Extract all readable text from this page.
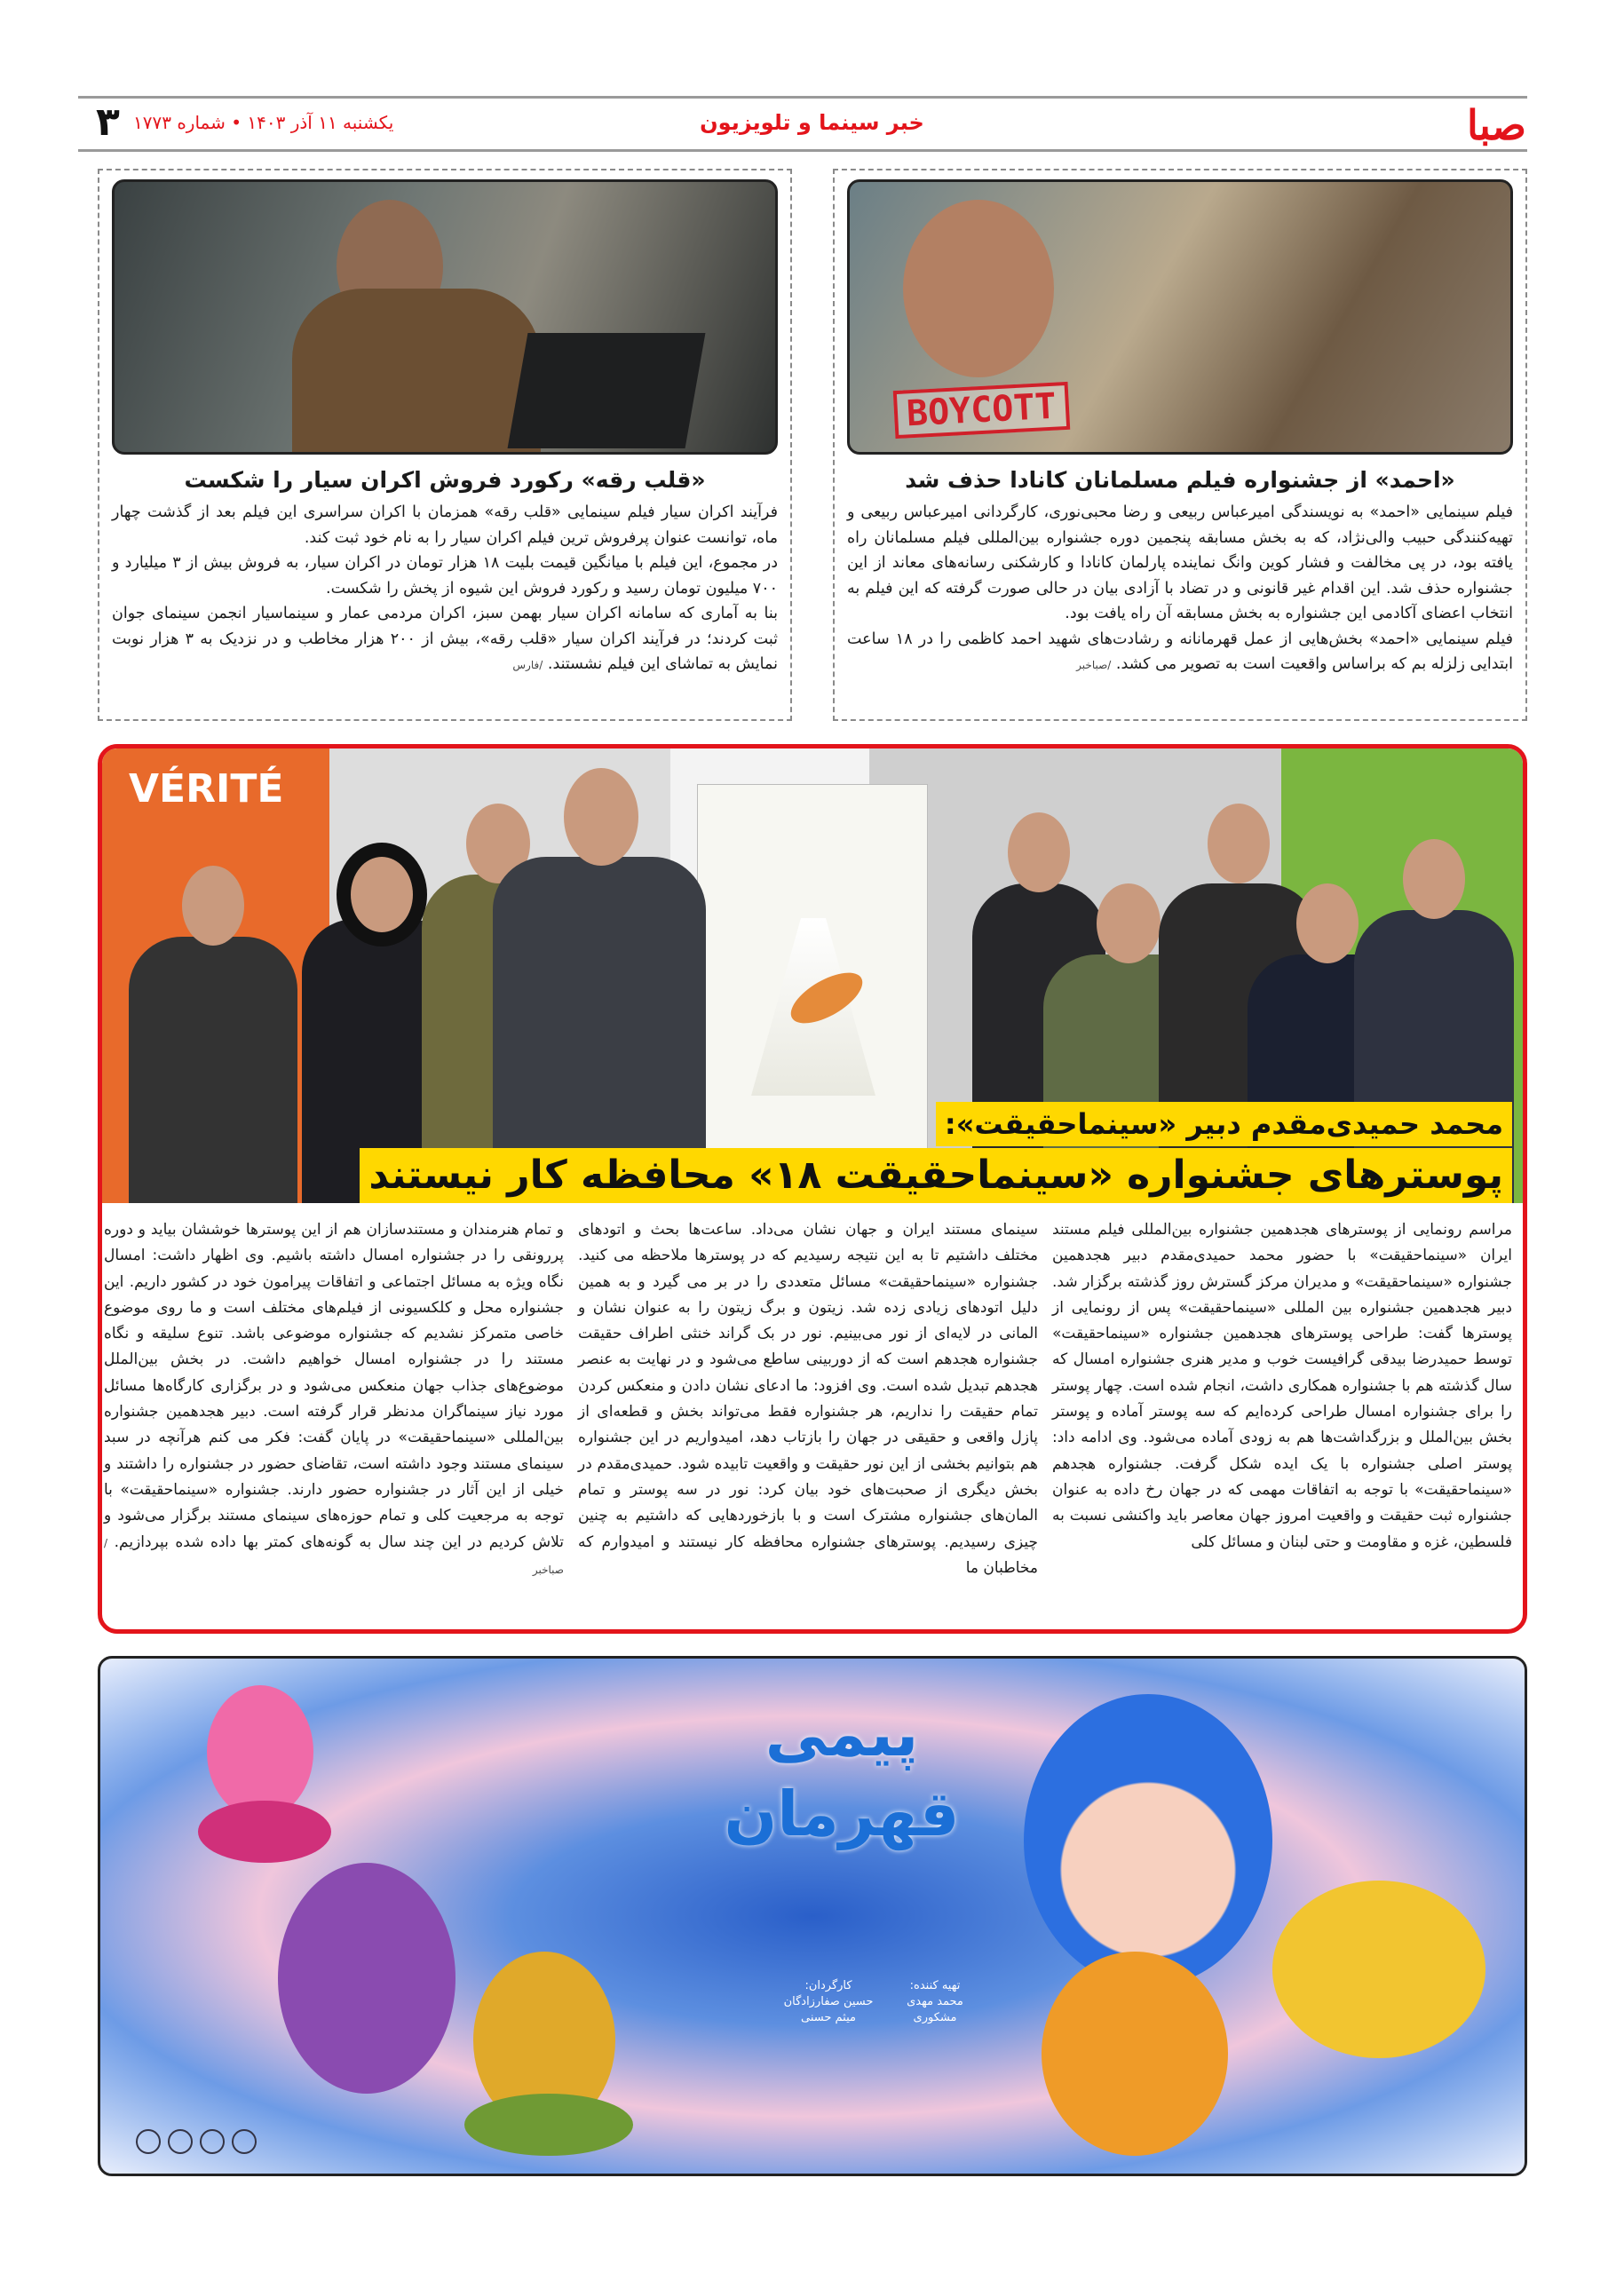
صبا
خبر سینما و تلویزیون
یکشنبه ۱۱ آذر ۱۴۰۳ • شماره ۱۷۷۳
۳
BOYCOTT
«احمد» از جشنواره فیلم مسلمانان کانادا حذف شد

فیلم سینمایی «احمد» به نویسندگی امیرعباس ربیعی و رضا محبی‌نوری، کارگردانی امیرعباس ربیعی و تهیه‌کنندگی حبیب والی‌نژاد، که به بخش مسابقه پنجمین دوره جشنواره بین‌المللی فیلم مسلمانان راه یافته بود، در پی مخالفت و فشار کوین وانگ نماینده پارلمان کانادا و کارشکنی رسانه‌های معاند از این جشنواره حذف شد. این اقدام غیر قانونی و در تضاد با آزادی بیان در حالی صورت گرفته که این فیلم به انتخاب اعضای آکادمی این جشنواره به بخش مسابقه آن راه یافت بود.

فیلم سینمایی «احمد» بخش‌هایی از عمل قهرمانانه و رشادت‌های شهید احمد کاظمی را در ۱۸ ساعت ابتدایی زلزله بم که براساس واقعیت است به تصویر می کشد. /صباخبر

«قلب رقه» رکورد فروش اکران سیار را شکست

فرآیند اکران سیار فیلم سینمایی «قلب رقه» همزمان با اکران سراسری این فیلم بعد از گذشت چهار ماه، توانست عنوان پرفروش ترین فیلم اکران سیار را به نام خود ثبت کند.

در مجموع، این فیلم با میانگین قیمت بلیت ۱۸ هزار تومان در اکران سیار، به فروش بیش از ۳ میلیارد و ۷۰۰ میلیون تومان رسید و رکورد فروش این شیوه از پخش را شکست.

بنا به آماری که سامانه اکران سیار بهمن سبز، اکران مردمی عمار و سینماسیار انجمن سینمای جوان ثبت کردند؛ در فرآیند اکران سیار «قلب رقه»، بیش از ۲۰۰ هزار مخاطب و در نزدیک به ۳ هزار نوبت نمایش به تماشای این فیلم نشستند. /فارس

VÉRITÉ
محمد حمیدی‌مقدم دبیر «سینماحقیقت»:
پوسترهای جشنواره «سینماحقیقت ۱۸» محافظه کار نیستند
مراسم رونمایی از پوسترهای هجدهمین جشنواره بین‌المللی فیلم مستند ایران «سینماحقیقت» با حضور محمد حمیدی‌مقدم دبیر هجدهمین جشنواره «سینماحقیقت» و مدیران مرکز گسترش روز گذشته برگزار شد. دبیر هجدهمین جشنواره بین المللی «سینماحقیقت» پس از رونمایی از پوسترها گفت: طراحی پوسترهای هجدهمین جشنواره «سینماحقیقت» توسط حمیدرضا بیدقی گرافیست خوب و مدیر هنری جشنواره امسال که سال گذشته هم با جشنواره همکاری داشت، انجام شده است. چهار پوستر را برای جشنواره امسال طراحی کرده‌ایم که سه پوستر آماده و پوستر بخش بین‌الملل و بزرگداشت‌ها هم به زودی آماده می‌شود. وی ادامه داد: پوستر اصلی جشنواره با یک ایده شکل گرفت. جشنواره هجدهم «سینماحقیقت» با توجه به اتفاقات مهمی که در جهان رخ داده به عنوان جشنواره ثبت حقیقت و واقعیت امروز جهان معاصر باید واکنشی نسبت به فلسطین، غزه و مقاومت و حتی لبنان و مسائل کلی
سینمای مستند ایران و جهان نشان می‌داد. ساعت‌ها بحث و اتودهای مختلف داشتیم تا به این نتیجه رسیدیم که در پوسترها ملاحظه می کنید. جشنواره «سینماحقیقت» مسائل متعددی را در بر می گیرد و به همین دلیل اتودهای زیادی زده شد. زیتون و برگ زیتون را به عنوان نشان و المانی در لایه‌ای از نور می‌بینیم. نور در بک گراند خنثی اطراف حقیقت جشنواره هجدهم است که از دوربینی ساطع می‌شود و در نهایت به عنصر هجدهم تبدیل شده است. وی افزود: ما ادعای نشان دادن و منعکس کردن تمام حقیقت را نداریم، هر جشنواره فقط می‌تواند بخش و قطعه‌ای از پازل واقعی و حقیقی در جهان را بازتاب دهد، امیدواریم در این جشنواره هم بتوانیم بخشی از این نور حقیقت و واقعیت تابیده شود. حمیدی‌مقدم در بخش دیگری از صحبت‌های خود بیان کرد: نور در سه پوستر و تمام المان‌های جشنواره مشترک است و با بازخوردهایی که داشتیم به چنین چیزی رسیدیم. پوسترهای جشنواره محافظه کار نیستند و امیدوارم که مخاطبان ما
و تمام هنرمندان و مستندسازان هم از این پوسترها خوششان بیاید و دوره پررونقی را در جشنواره امسال داشته باشیم. وی اظهار داشت: امسال نگاه ویژه به مسائل اجتماعی و اتفاقات پیرامون خود در کشور داریم. این جشنواره محل و کلکسیونی از فیلم‌های مختلف است و ما روی موضوع خاصی متمرکز نشدیم که جشنواره موضوعی باشد. تنوع سلیقه و نگاه مستند را در جشنواره امسال خواهیم داشت. در بخش بین‌الملل موضوع‌های جذاب جهان منعکس می‌شود و در برگزاری کارگاه‌ها مسائل مورد نیاز سینماگران مدنظر قرار گرفته است. دبیر هجدهمین جشنواره بین‌المللی «سینماحقیقت» در پایان گفت: فکر می کنم هرآنچه در سبد سینمای مستند وجود داشته است، تقاضای حضور در جشنواره را داشتند و خیلی از این آثار در جشنواره حضور دارند. جشنواره «سینماحقیقت» با توجه به مرجعیت کلی و تمام حوزه‌های سینمای مستند برگزار می‌شود و تلاش کردیم در این چند سال به گونه‌های کمتر بها داده شده بپردازیم. /صباخبر
پیمی قهرمان
تهیه کننده:
محمد مهدی مشکوری
کارگردان:
حسین صفارزادگان
میثم حسنی
